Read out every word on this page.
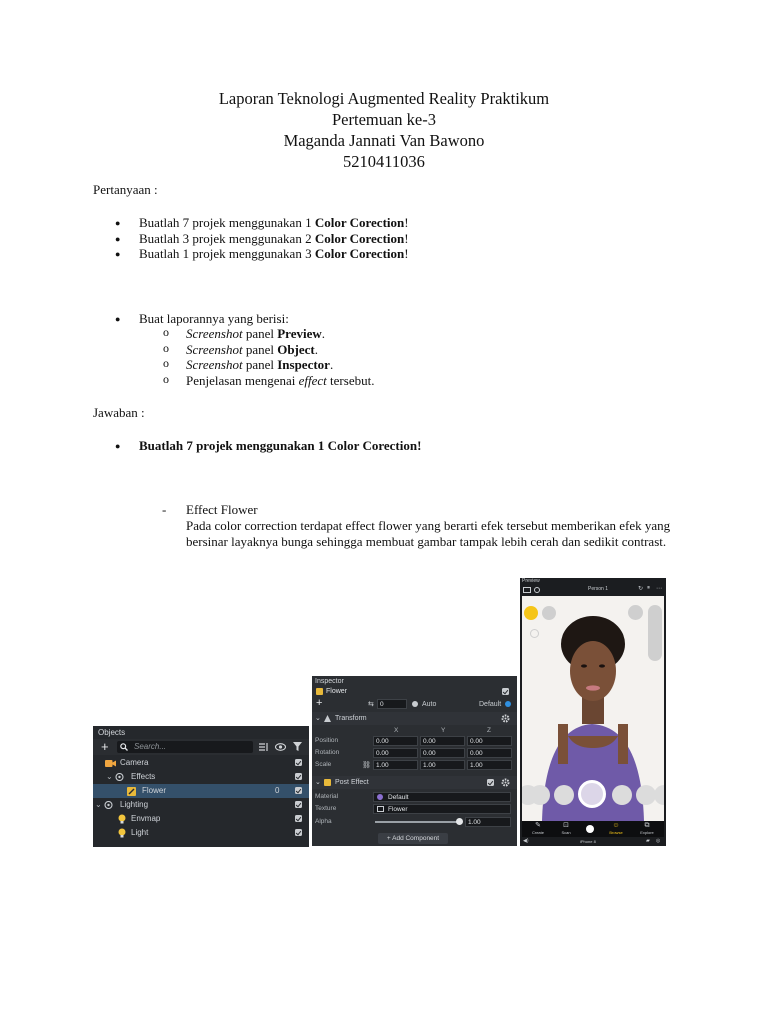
Laporan Teknologi Augmented Reality Praktikum
Pertemuan ke-3
Maganda Jannati Van Bawono
5210411036
Pertanyaan :
● Buatlah 7 projek menggunakan 1 Color Corection!
● Buatlah 3 projek menggunakan 2 Color Corection!
● Buatlah 1 projek menggunakan 3 Color Corection!
● Buat laporannya yang berisi:
o Screenshot panel Preview.
o Screenshot panel Object.
o Screenshot panel Inspector.
o Penjelasan mengenai effect tersebut.
Jawaban :
● Buatlah 7 projek menggunakan 1 Color Corection!
- Effect Flower
Pada color correction terdapat effect flower yang berarti efek tersebut memberikan efek yang bersinar layaknya bunga sehingga membuat gambar tampak lebih cerah dan sedikit contrast.
Objects
+	Search...
Camera
⌄ Effects
Flower	0
⌄ Lighting
Envmap
Light
Inspector
Flower
+	⇆ 0	Auto	Default
⌄ Transform
X	Y	Z
Position	0.00	0.00	0.00
Rotation	0.00	0.00	0.00
Scale	⛓ 1.00	1.00	1.00
⌄ Post Effect
Material	Default
Texture	Flower
Alpha	1.00
+ Add Component
Preview
Person 1	↻ ⏸ ⋯
✎
Create
⊡
Scan
☺
Browse
⧉
Explore
◀)	iPhone 8	▰ ◎
